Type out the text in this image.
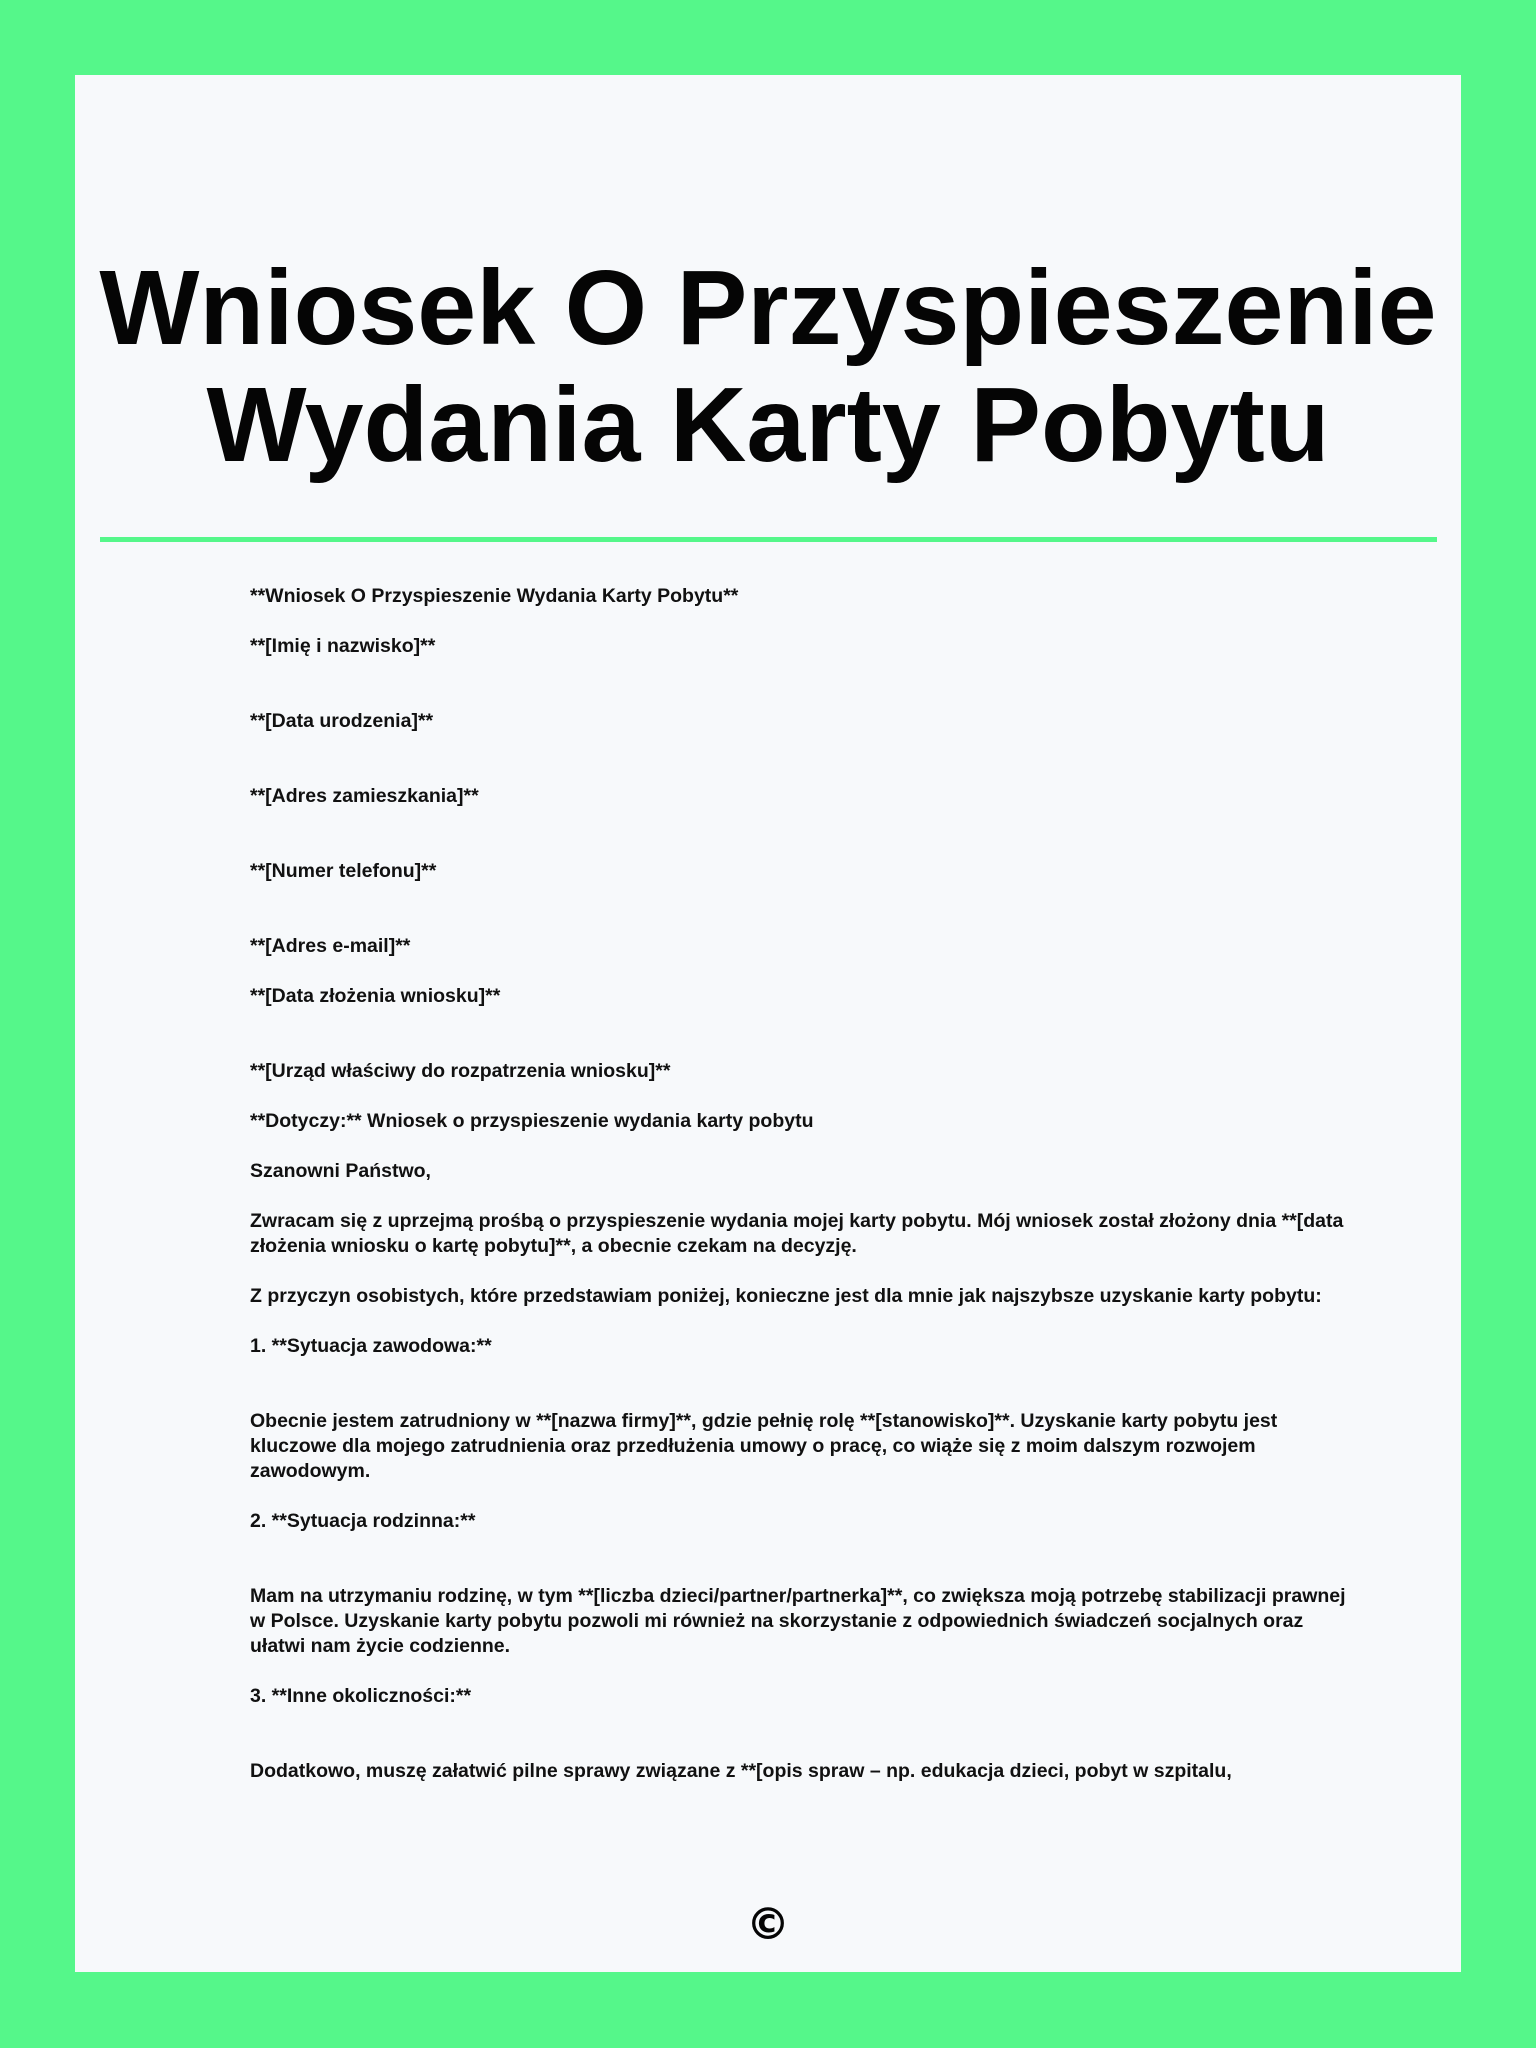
Wniosek O Przyspieszenie
Wydania Karty Pobytu

**Wniosek O Przyspieszenie Wydania Karty Pobytu**

**[Imię i nazwisko]**

**[Data urodzenia]**

**[Adres zamieszkania]**

**[Numer telefonu]**

**[Adres e-mail]**

**[Data złożenia wniosku]**

**[Urząd właściwy do rozpatrzenia wniosku]**

**Dotyczy:** Wniosek o przyspieszenie wydania karty pobytu

Szanowni Państwo,

Zwracam się z uprzejmą prośbą o przyspieszenie wydania mojej karty pobytu. Mój wniosek został złożony dnia **[data złożenia wniosku o kartę pobytu]**, a obecnie czekam na decyzję.

Z przyczyn osobistych, które przedstawiam poniżej, konieczne jest dla mnie jak najszybsze uzyskanie karty pobytu:

1. **Sytuacja zawodowa:**

Obecnie jestem zatrudniony w **[nazwa firmy]**, gdzie pełnię rolę **[stanowisko]**. Uzyskanie karty pobytu jest kluczowe dla mojego zatrudnienia oraz przedłużenia umowy o pracę, co wiąże się z moim dalszym rozwojem zawodowym.

2. **Sytuacja rodzinna:**

Mam na utrzymaniu rodzinę, w tym **[liczba dzieci/partner/partnerka]**, co zwiększa moją potrzebę stabilizacji prawnej w Polsce. Uzyskanie karty pobytu pozwoli mi również na skorzystanie z odpowiednich świadczeń socjalnych oraz ułatwi nam życie codzienne.

3. **Inne okoliczności:**

Dodatkowo, muszę załatwić pilne sprawy związane z **[opis spraw – np. edukacja dzieci, pobyt w szpitalu,

©
